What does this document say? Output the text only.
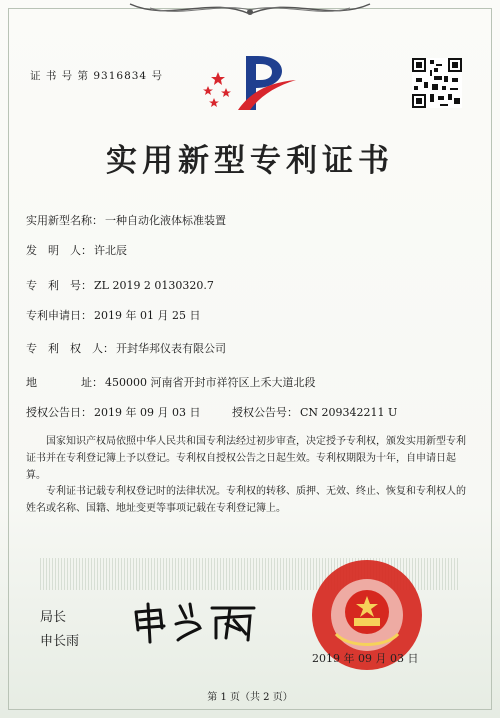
证 书 号 第 9316834 号
实用新型专利证书
实用新型名称： 一种自动化液体标准装置
发　明　人： 许北辰
专　利　号： ZL 2019 2 0130320.7
专利申请日： 2019 年 01 月 25 日
专　利　权　人： 开封华邦仪表有限公司
地　　　　址： 450000 河南省开封市祥符区上禾大道北段
授权公告日： 2019 年 09 月 03 日	授权公告号： CN 209342211 U

国家知识产权局依照中华人民共和国专利法经过初步审查，决定授予专利权，颁发实用新型专利证书并在专利登记簿上予以登记。专利权自授权公告之日起生效。专利权期限为十年，自申请日起算。

专利证书记载专利权登记时的法律状况。专利权的转移、质押、无效、终止、恢复和专利权人的姓名或名称、国籍、地址变更等事项记载在专利登记簿上。

局长
申长雨
2019 年 09 月 03 日
第 1 页（共 2 页）
